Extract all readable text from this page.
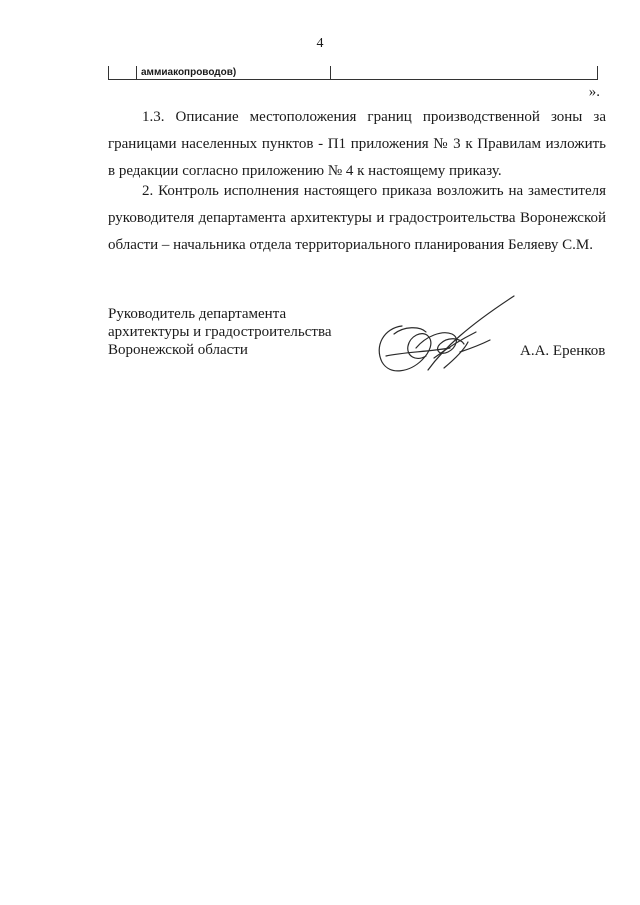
4
аммиакопроводов)
».
1.3. Описание местоположения границ производственной зоны за
границами населенных пунктов - П1 приложения № 3 к Правилам изложить в редакции согласно приложению № 4 к настоящему приказу.
2. Контроль исполнения настоящего приказа возложить на заместителя
руководителя департамента архитектуры и градостроительства Воронежской области – начальника отдела территориального планирования Беляеву С.М.
Руководитель департамента
архитектуры и градостроительства
Воронежской области	А.А. Еренков
